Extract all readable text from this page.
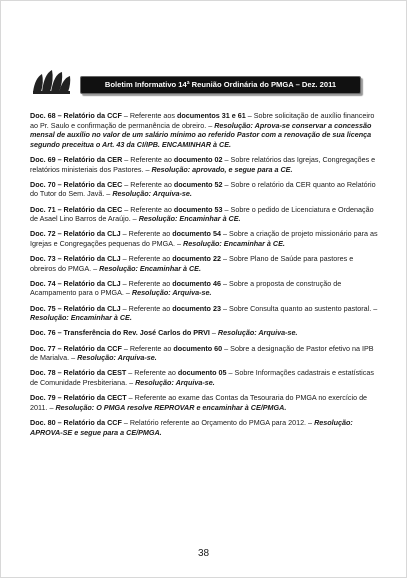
Boletim Informativo 14ª Reunião Ordinária do PMGA – Dez. 2011

Doc. 68 – Relatório da CCF – Referente aos documentos 31 e 61 – Sobre solicitação de auxílio financeiro ao Pr. Saulo e confirmação de permanência de obreiro. – Resolução: Aprova-se conservar a concessão mensal de auxílio no valor de um salário mínimo ao referido Pastor com a renovação de sua licença segundo preceitua o Art. 43 da CI/IPB. ENCAMINHAR à CE.

Doc. 69 – Relatório da CER – Referente ao documento 02 – Sobre relatórios das Igrejas, Congregações e relatórios ministeriais dos Pastores. – Resolução: aprovado, e segue para a CE.

Doc. 70 – Relatório da CEC – Referente ao documento 52 – Sobre o relatório da CER quanto ao Relatório do Tutor do Sem. Javã. – Resolução: Arquiva-se.

Doc. 71 – Relatório da CEC – Referente ao documento 53 – Sobre o pedido de Licenciatura e Ordenação de Asael Lino Barros de Araújo. – Resolução: Encaminhar à CE.

Doc. 72 – Relatório da CLJ – Referente ao documento 54 – Sobre a criação de projeto missionário para as Igrejas e Congregações pequenas do PMGA. – Resolução: Encaminhar à CE.

Doc. 73 – Relatório da CLJ – Referente ao documento 22 – Sobre Plano de Saúde para pastores e obreiros do PMGA. – Resolução: Encaminhar à CE.

Doc. 74 – Relatório da CLJ – Referente ao documento 46 – Sobre a proposta de construção de Acampamento para o PMGA. – Resolução: Arquiva-se.

Doc. 75 – Relatório da CLJ – Referente ao documento 23 – Sobre Consulta quanto ao sustento pastoral. – Resolução: Encaminhar à CE.

Doc. 76 – Transferência do Rev. José Carlos do PRVI – Resolução: Arquiva-se.

Doc. 77 – Relatório da CCF – Referente ao documento 60 – Sobre a designação de Pastor efetivo na IPB de Marialva. – Resolução: Arquiva-se.

Doc. 78 – Relatório da CEST – Referente ao documento 05 – Sobre Informações cadastrais e estatísticas de Comunidade Presbiteriana. – Resolução: Arquiva-se.

Doc. 79 – Relatório da CECT – Referente ao exame das Contas da Tesouraria do PMGA no exercício de 2011. – Resolução: O PMGA resolve REPROVAR e encaminhar à CE/PMGA.

Doc. 80 – Relatório da CCF – Relatório referente ao Orçamento do PMGA para 2012. – Resolução: APROVA-SE e segue para a CE/PMGA.

38
